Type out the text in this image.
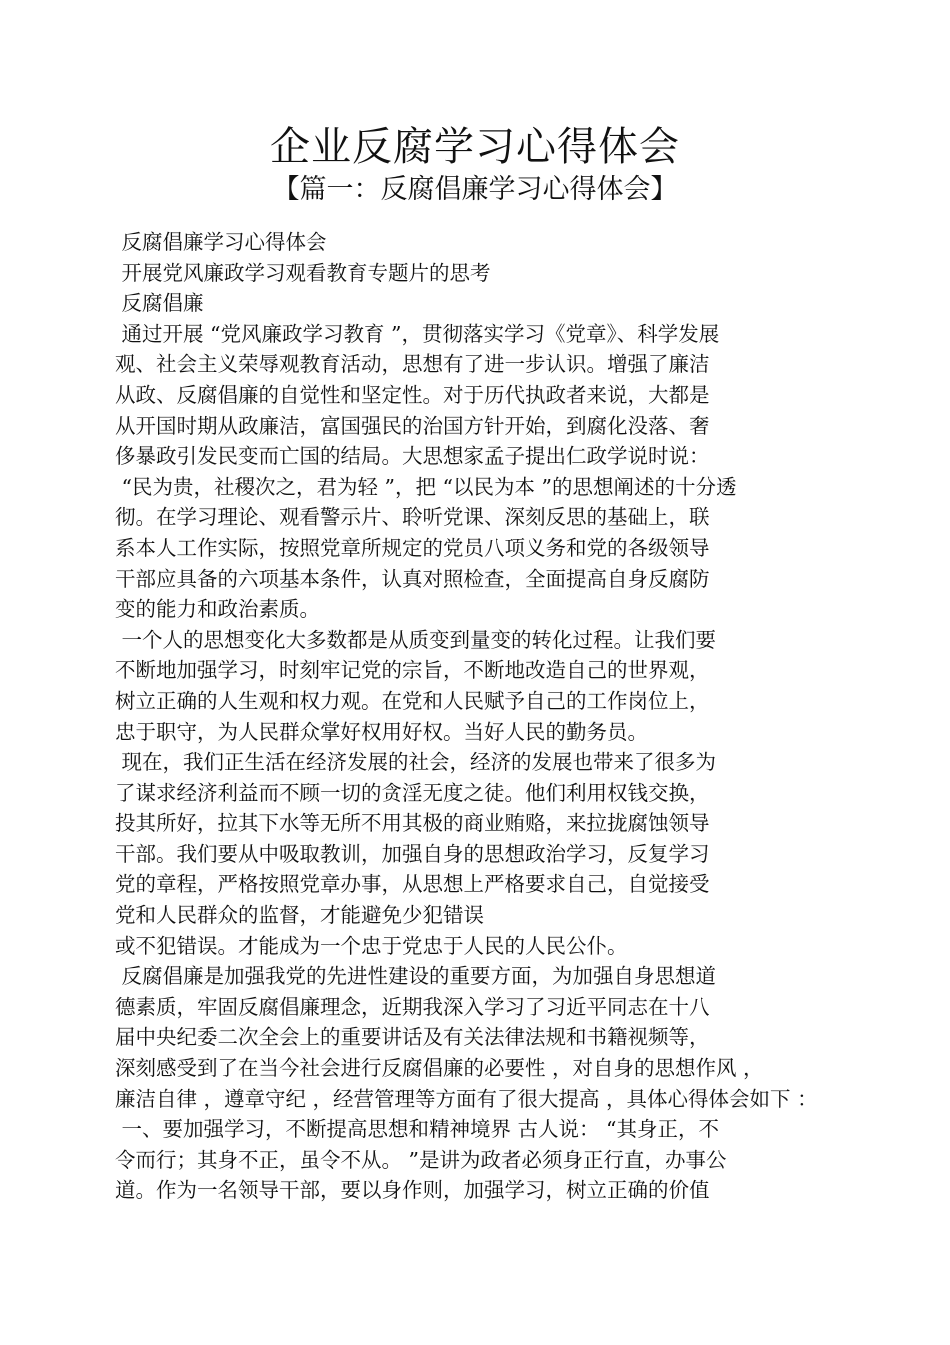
企业反腐学习心得体会
【篇一：反腐倡廉学习心得体会】
反腐倡廉学习心得体会
开展党风廉政学习观看教育专题片的思考
反腐倡廉
通过开展 “党风廉政学习教育 ”，贯彻落实学习《党章》、科学发展
观、社会主义荣辱观教育活动，思想有了进一步认识。增强了廉洁
从政、反腐倡廉的自觉性和坚定性。对于历代执政者来说，大都是
从开国时期从政廉洁，富国强民的治国方针开始，到腐化没落、奢
侈暴政引发民变而亡国的结局。大思想家孟子提出仁政学说时说：
“民为贵，社稷次之，君为轻 ”，把 “以民为本 ”的思想阐述的十分透
彻。在学习理论、观看警示片、聆听党课、深刻反思的基础上，联
系本人工作实际，按照党章所规定的党员八项义务和党的各级领导
干部应具备的六项基本条件，认真对照检查，全面提高自身反腐防
变的能力和政治素质。
一个人的思想变化大多数都是从质变到量变的转化过程。让我们要
不断地加强学习，时刻牢记党的宗旨，不断地改造自己的世界观，
树立正确的人生观和权力观。在党和人民赋予自己的工作岗位上，
忠于职守，为人民群众掌好权用好权。当好人民的勤务员。
现在，我们正生活在经济发展的社会，经济的发展也带来了很多为
了谋求经济利益而不顾一切的贪淫无度之徒。他们利用权钱交换，
投其所好，拉其下水等无所不用其极的商业贿赂，来拉拢腐蚀领导
干部。我们要从中吸取教训，加强自身的思想政治学习，反复学习
党的章程，严格按照党章办事，从思想上严格要求自己，自觉接受
党和人民群众的监督，才能避免少犯错误
或不犯错误。才能成为一个忠于党忠于人民的人民公仆。
反腐倡廉是加强我党的先进性建设的重要方面，为加强自身思想道
德素质，牢固反腐倡廉理念，近期我深入学习了习近平同志在十八
届中央纪委二次全会上的重要讲话及有关法律法规和书籍视频等，
深刻感受到了在当今社会进行反腐倡廉的必要性 ，对自身的思想作风 ，
廉洁自律 ，遵章守纪 ，经营管理等方面有了很大提高 ，具体心得体会如下 ：
一、要加强学习，不断提高思想和精神境界 古人说： “其身正，不
令而行；其身不正，虽令不从。 ”是讲为政者必须身正行直，办事公
道。作为一名领导干部，要以身作则，加强学习，树立正确的价值
